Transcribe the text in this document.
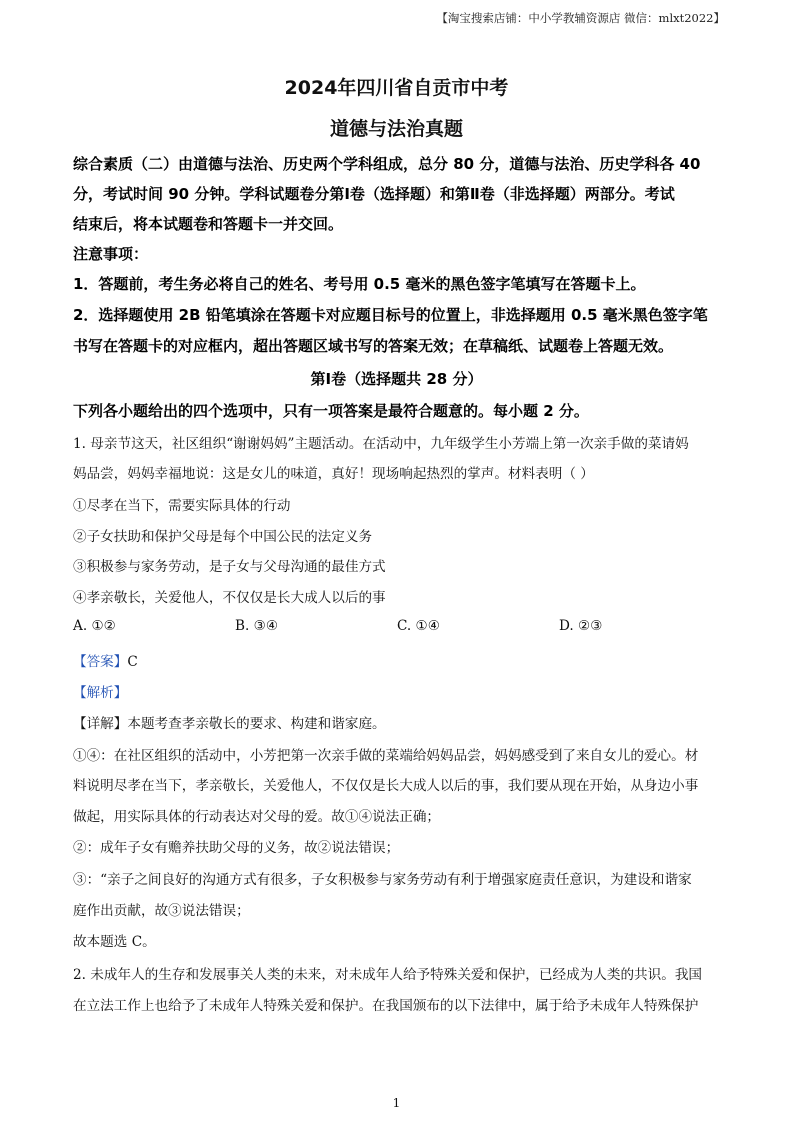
【淘宝搜索店铺：中小学教辅资源店 微信：mlxt2022】
2024年四川省自贡市中考
道德与法治真题
综合素质（二）由道德与法治、历史两个学科组成，总分 80 分，道德与法治、历史学科各 40
分，考试时间 90 分钟。学科试题卷分第Ⅰ卷（选择题）和第Ⅱ卷（非选择题）两部分。考试
结束后，将本试题卷和答题卡一并交回。
注意事项：
1．答题前，考生务必将自己的姓名、考号用 0.5 毫米的黑色签字笔填写在答题卡上。
2．选择题使用 2B 铅笔填涂在答题卡对应题目标号的位置上，非选择题用 0.5 毫米黑色签字笔
书写在答题卡的对应框内，超出答题区域书写的答案无效；在草稿纸、试题卷上答题无效。
第Ⅰ卷（选择题共 28 分）
下列各小题给出的四个选项中，只有一项答案是最符合题意的。每小题 2 分。
1. 母亲节这天，社区组织“谢谢妈妈”主题活动。在活动中，九年级学生小芳端上第一次亲手做的菜请妈
妈品尝，妈妈幸福地说：这是女儿的味道，真好！现场响起热烈的掌声。材料表明（ ）
①尽孝在当下，需要实际具体的行动
②子女扶助和保护父母是每个中国公民的法定义务
③积极参与家务劳动，是子女与父母沟通的最佳方式
④孝亲敬长，关爱他人，不仅仅是长大成人以后的事
A. ①②	B. ③④	C. ①④	D. ②③
【答案】C
【解析】
【详解】本题考查孝亲敬长的要求、构建和谐家庭。
①④：在社区组织的活动中，小芳把第一次亲手做的菜端给妈妈品尝，妈妈感受到了来自女儿的爱心。材
料说明尽孝在当下，孝亲敬长，关爱他人，不仅仅是长大成人以后的事，我们要从现在开始，从身边小事
做起，用实际具体的行动表达对父母的爱。故①④说法正确；
②：成年子女有赡养扶助父母的义务，故②说法错误；
③：“亲子之间良好的沟通方式有很多，子女积极参与家务劳动有利于增强家庭责任意识，为建设和谐家
庭作出贡献，故③说法错误；
故本题选 C。
2. 未成年人的生存和发展事关人类的未来，对未成年人给予特殊关爱和保护，已经成为人类的共识。我国
在立法工作上也给予了未成年人特殊关爱和保护。在我国颁布的以下法律中，属于给予未成年人特殊保护
1
